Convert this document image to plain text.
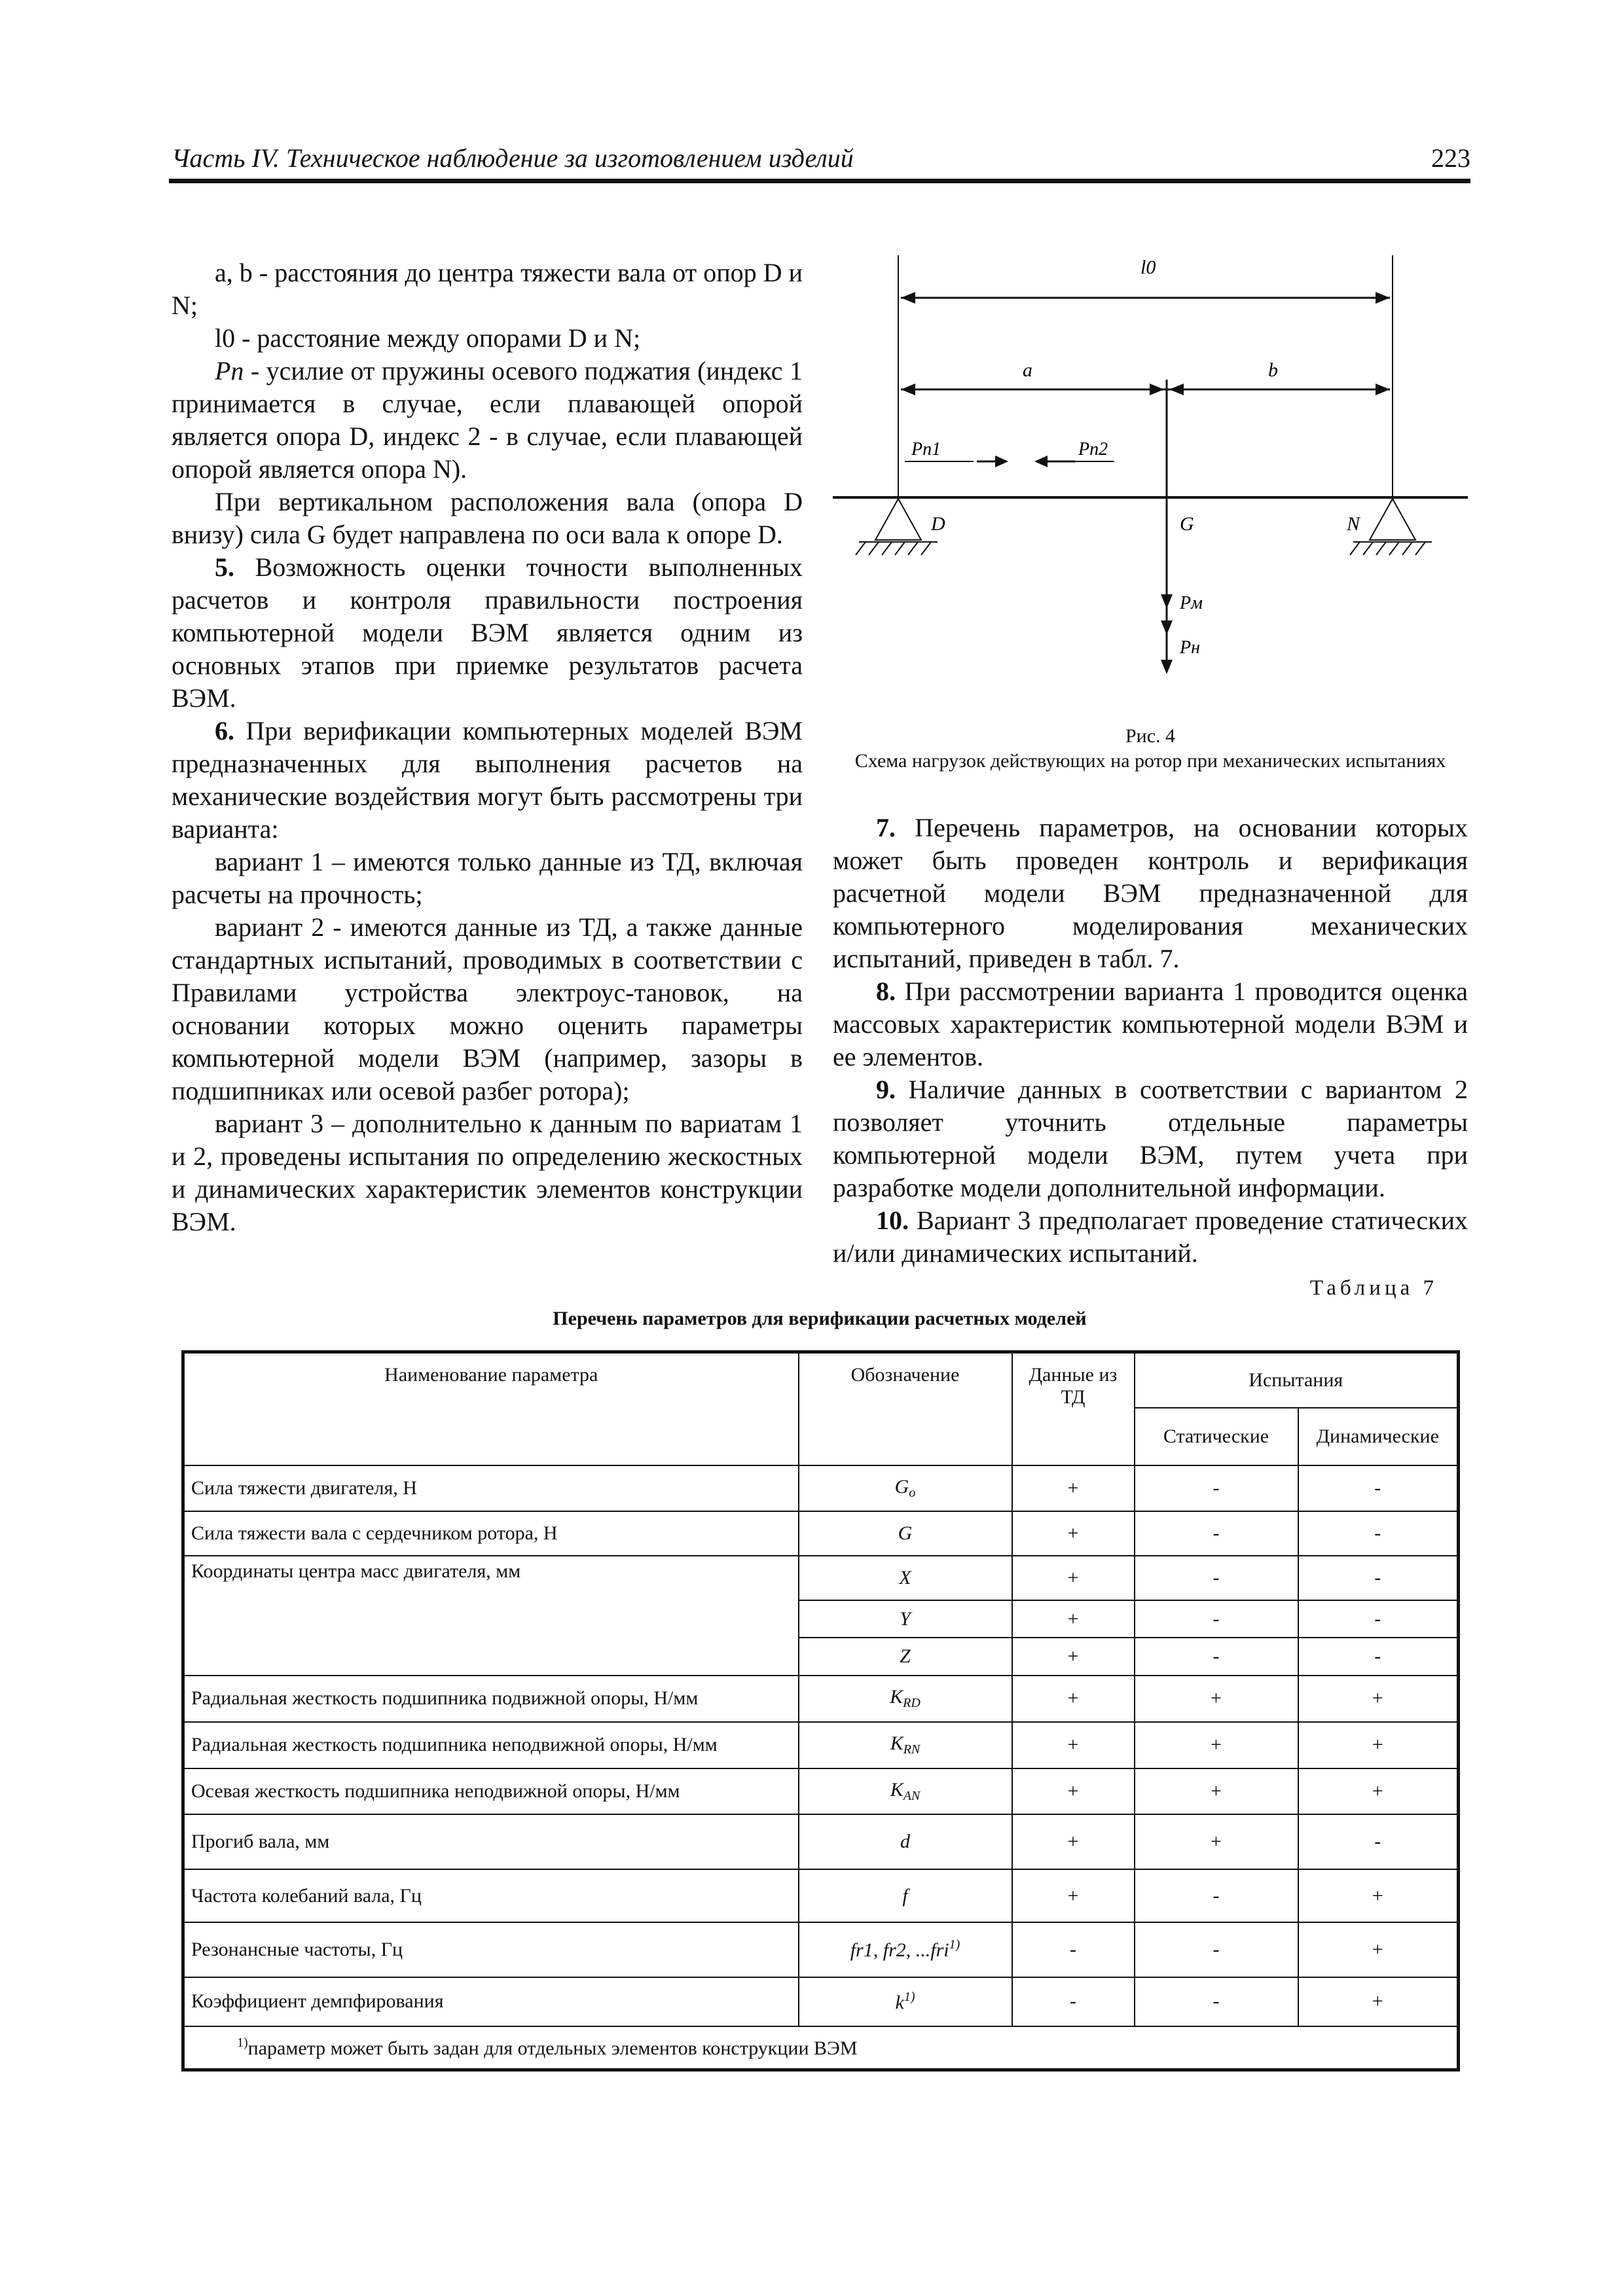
Часть IV. Техническое наблюдение за изготовлением изделий	223

a, b - расстояния до центра тяжести вала от опор D и N;

l0 - расстояние между опорами D и N;

Pn - усилие от пружины осевого поджатия (индекс 1 принимается в случае, если плавающей опорой является опора D, индекс 2 - в случае, если плавающей опорой является опора N).

При вертикальном расположения вала (опора D внизу) сила G будет направлена по оси вала к опоре D.

5. Возможность оценки точности выполненных расчетов и контроля правильности построения компьютерной модели ВЭМ является одним из основных этапов при приемке результатов расчета ВЭМ.

6. При верификации компьютерных моделей ВЭМ предназначенных для выполнения расчетов на механические воздействия могут быть рассмотрены три варианта:

вариант 1 – имеются только данные из ТД, включая расчеты на прочность;

вариант 2 - имеются данные из ТД, а также данные стандартных испытаний, проводимых в соответствии с Правилами устройства электроус-тановок, на основании которых можно оценить параметры компьютерной модели ВЭМ (например, зазоры в подшипниках или осевой разбег ротора);

вариант 3 – дополнительно к данным по вариатам 1 и 2, проведены испытания по определению жескостных и динамических характеристик элементов конструкции ВЭМ.

l0
a	b
Pn1	Pn2
D	G	N
Pм
Pн
Рис. 4
Схема нагрузок действующих на ротор при механических испытаниях

7. Перечень параметров, на основании которых может быть проведен контроль и верификация расчетной модели ВЭМ предназначенной для компьютерного моделирования механических испытаний, приведен в табл. 7.

8. При рассмотрении варианта 1 проводится оценка массовых характеристик компьютерной модели ВЭМ и ее элементов.

9. Наличие данных в соответствии с вариантом 2 позволяет уточнить отдельные параметры компьютерной модели ВЭМ, путем учета при разработке модели дополнительной информации.

10. Вариант 3 предполагает проведение статических и/или динамических испытаний.

Таблица 7
Перечень параметров для верификации расчетных моделей
Наименование параметра	Обозначение	Данные из ТД	Испытания	
			Статические	Динамические
Сила тяжести двигателя, Н	$G_o$	+	-	-
Сила тяжести вала с сердечником ротора, Н	G	+	-	-
Координаты центра масс двигателя, мм	X	+	-	-
	Y	+	-	-
	Z	+	-	-
Радиальная жесткость подшипника подвижной опоры, Н/мм	$K_{RD}$	+	+	+
Радиальная жесткость подшипника неподвижной опоры, Н/мм	$K_{RN}$	+	+	+
Осевая жесткость подшипника неподвижной опоры, Н/мм	$K_{AN}$	+	+	+
Прогиб вала, мм	d	+	+	-
Частота колебаний вала, Гц	f	+	-	+
Резонансные частоты, Гц	fr1, fr2, ...fri$^{1)}$	-	-	+
Коэффициент демпфирования	$k^{1)}$	-	-	+
$^{1)}$параметр может быть задан для отдельных элементов конструкции ВЭМ				
